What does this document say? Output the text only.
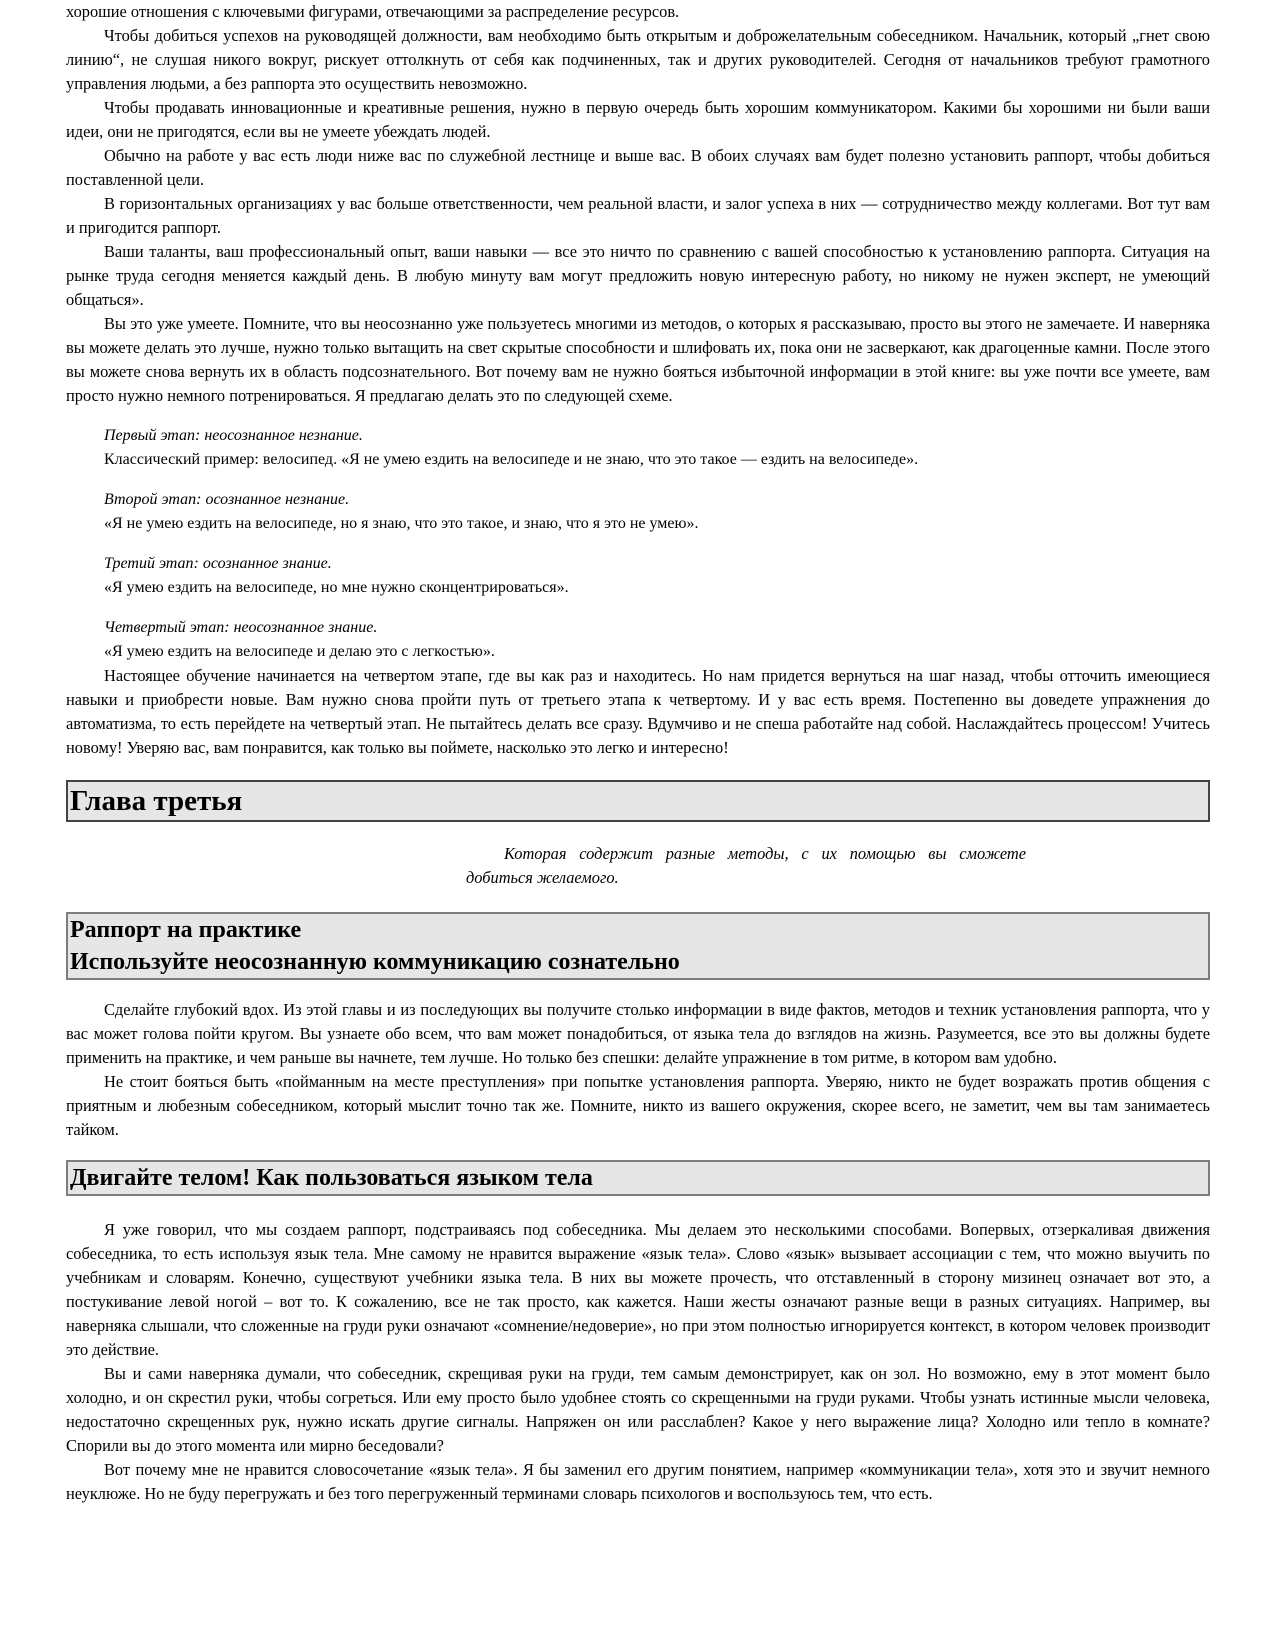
хорошие отношения с ключевыми фигурами, отвечающими за распределение ресурсов.

Чтобы добиться успехов на руководящей должности, вам необходимо быть открытым и доброжелательным собеседником. Начальник, который „гнет свою линию“, не слушая никого вокруг, рискует оттолкнуть от себя как подчиненных, так и других руководителей. Сегодня от начальников требуют грамотного управления людьми, а без раппорта это осуществить невозможно.

Чтобы продавать инновационные и креативные решения, нужно в первую очередь быть хорошим коммуникатором. Какими бы хорошими ни были ваши идеи, они не пригодятся, если вы не умеете убеждать людей.

Обычно на работе у вас есть люди ниже вас по служебной лестнице и выше вас. В обоих случаях вам будет полезно установить раппорт, чтобы добиться поставленной цели.

В горизонтальных организациях у вас больше ответственности, чем реальной власти, и залог успеха в них — сотрудничество между коллегами. Вот тут вам и пригодится раппорт.

Ваши таланты, ваш профессиональный опыт, ваши навыки — все это ничто по сравнению с вашей способностью к установлению раппорта. Ситуация на рынке труда сегодня меняется каждый день. В любую минуту вам могут предложить новую интересную работу, но никому не нужен эксперт, не умеющий общаться».

Вы это уже умеете. Помните, что вы неосознанно уже пользуетесь многими из методов, о которых я рассказываю, просто вы этого не замечаете. И наверняка вы можете делать это лучше, нужно только вытащить на свет скрытые способности и шлифовать их, пока они не засверкают, как драгоценные камни. После этого вы можете снова вернуть их в область подсознательного. Вот почему вам не нужно бояться избыточной информации в этой книге: вы уже почти все умеете, вам просто нужно немного потренироваться. Я предлагаю делать это по следующей схеме.

Первый этап: неосознанное незнание.
Классический пример: велосипед. «Я не умею ездить на велосипеде и не знаю, что это такое — ездить на велосипеде».
Второй этап: осознанное незнание.
«Я не умею ездить на велосипеде, но я знаю, что это такое, и знаю, что я это не умею».
Третий этап: осознанное знание.
«Я умею ездить на велосипеде, но мне нужно сконцентрироваться».
Четвертый этап: неосознанное знание.
«Я умею ездить на велосипеде и делаю это с легкостью».

Настоящее обучение начинается на четвертом этапе, где вы как раз и находитесь. Но нам придется вернуться на шаг назад, чтобы отточить имеющиеся навыки и приобрести новые. Вам нужно снова пройти путь от третьего этапа к четвертому. И у вас есть время. Постепенно вы доведете упражнения до автоматизма, то есть перейдете на четвертый этап. Не пытайтесь делать все сразу. Вдумчиво и не спеша работайте над собой. Наслаждайтесь процессом! Учитесь новому! Уверяю вас, вам понравится, как только вы поймете, насколько это легко и интересно!

Глава третья
Которая содержит разные методы, с их помощью вы сможете добиться желаемого.
Раппорт на практике
Используйте неосознанную коммуникацию сознательно

Сделайте глубокий вдох. Из этой главы и из последующих вы получите столько информации в виде фактов, методов и техник установления раппорта, что у вас может голова пойти кругом. Вы узнаете обо всем, что вам может понадобиться, от языка тела до взглядов на жизнь. Разумеется, все это вы должны будете применить на практике, и чем раньше вы начнете, тем лучше. Но только без спешки: делайте упражнение в том ритме, в котором вам удобно.

Не стоит бояться быть «пойманным на месте преступления» при попытке установления раппорта. Уверяю, никто не будет возражать против общения с приятным и любезным собеседником, который мыслит точно так же. Помните, никто из вашего окружения, скорее всего, не заметит, чем вы там занимаетесь тайком.

Двигайте телом! Как пользоваться языком тела

Я уже говорил, что мы создаем раппорт, подстраиваясь под собеседника. Мы делаем это несколькими способами. Вопервых, отзеркаливая движения собеседника, то есть используя язык тела. Мне самому не нравится выражение «язык тела». Слово «язык» вызывает ассоциации с тем, что можно выучить по учебникам и словарям. Конечно, существуют учебники языка тела. В них вы можете прочесть, что отставленный в сторону мизинец означает вот это, а постукивание левой ногой – вот то. К сожалению, все не так просто, как кажется. Наши жесты означают разные вещи в разных ситуациях. Например, вы наверняка слышали, что сложенные на груди руки означают «сомнение/недоверие», но при этом полностью игнорируется контекст, в котором человек производит это действие.

Вы и сами наверняка думали, что собеседник, скрещивая руки на груди, тем самым демонстрирует, как он зол. Но возможно, ему в этот момент было холодно, и он скрестил руки, чтобы согреться. Или ему просто было удобнее стоять со скрещенными на груди руками. Чтобы узнать истинные мысли человека, недостаточно скрещенных рук, нужно искать другие сигналы. Напряжен он или расслаблен? Какое у него выражение лица? Холодно или тепло в комнате? Спорили вы до этого момента или мирно беседовали?

Вот почему мне не нравится словосочетание «язык тела». Я бы заменил его другим понятием, например «коммуникации тела», хотя это и звучит немного неуклюже. Но не буду перегружать и без того перегруженный терминами словарь психологов и воспользуюсь тем, что есть.
